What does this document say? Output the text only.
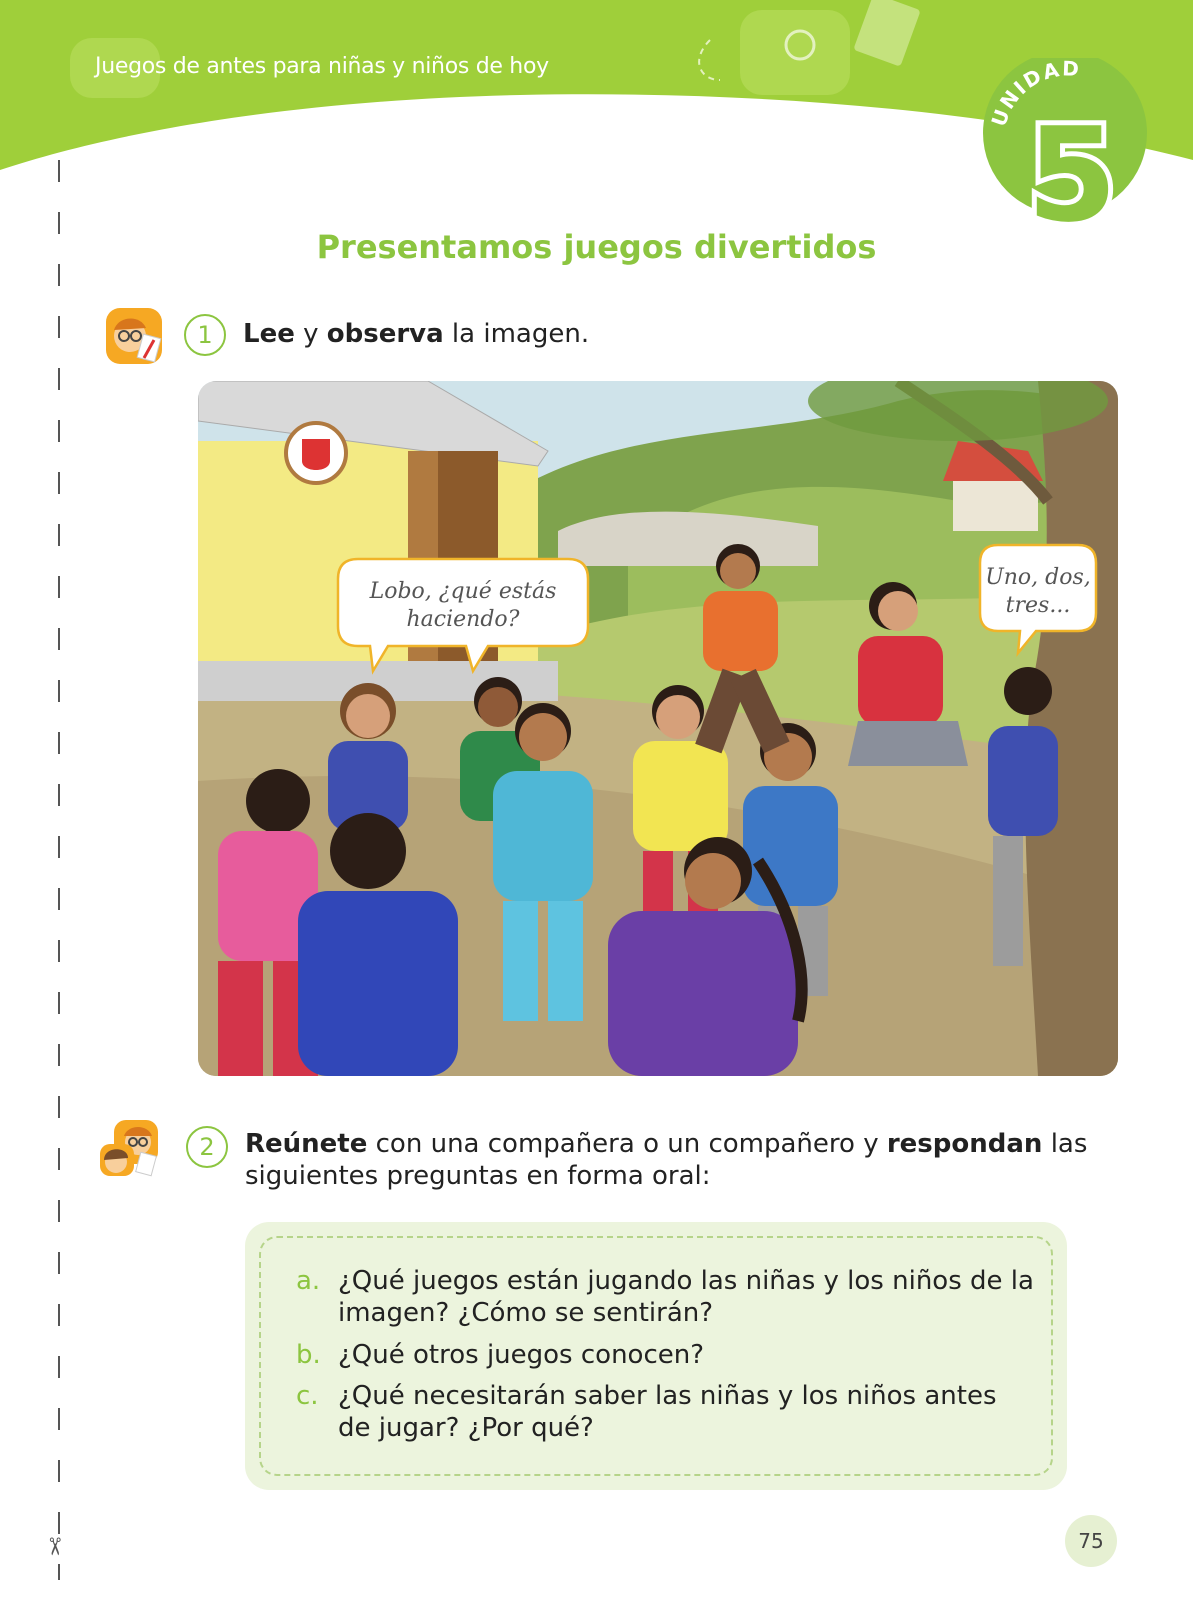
Juegos de antes para niñas y niños de hoy
UNIDAD
5
✂
Presentamos juegos divertidos
1	Lee y observa la imagen.
Lobo, ¿qué estás
haciendo?
Uno, dos,
tres...
2	Reúnete con una compañera o un compañero y respondan las siguientes preguntas en forma oral:
a. ¿Qué juegos están jugando las niñas y los niños de la imagen? ¿Cómo se sentirán?
b. ¿Qué otros juegos conocen?
c. ¿Qué necesitarán saber las niñas y los niños antes de jugar? ¿Por qué?
75
